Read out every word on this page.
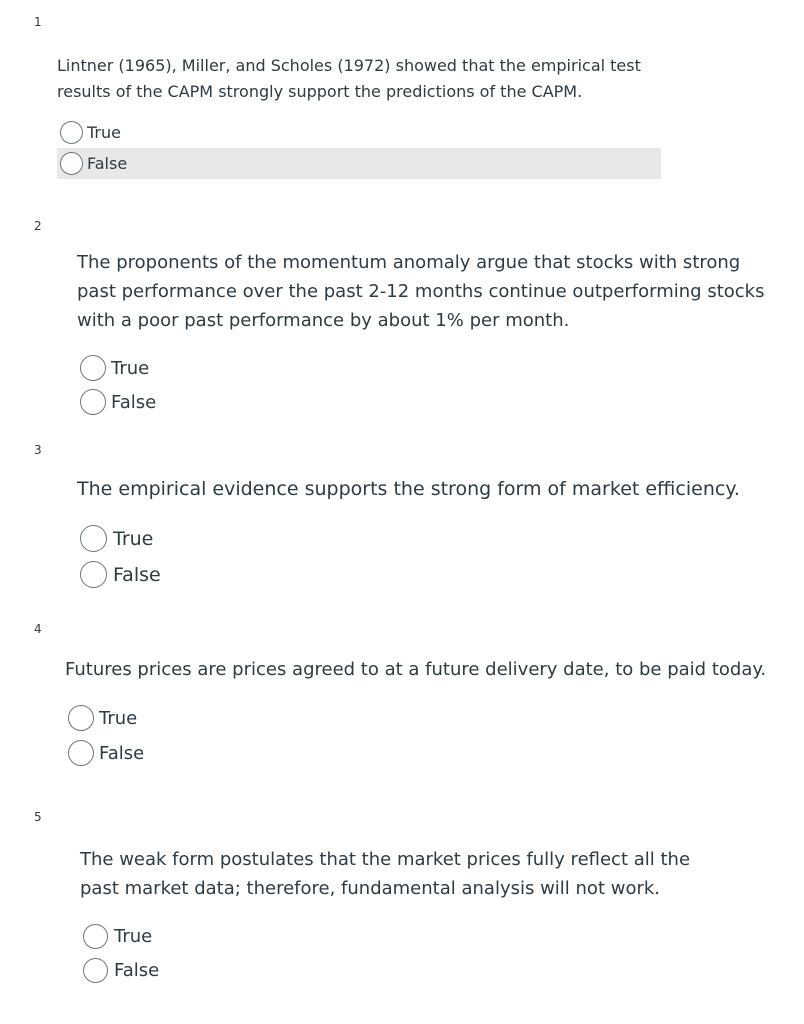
1

Lintner (1965), Miller, and Scholes (1972) showed that the empirical test results of the CAPM strongly support the predictions of the CAPM.

True
False
2

The proponents of the momentum anomaly argue that stocks with strong past performance over the past 2-12 months continue outperforming stocks with a poor past performance by about 1% per month.

True
False
3

The empirical evidence supports the strong form of market efficiency.

True
False
4

Futures prices are prices agreed to at a future delivery date, to be paid today.

True
False
5

The weak form postulates that the market prices fully reflect all the past market data; therefore, fundamental analysis will not work.

True
False
